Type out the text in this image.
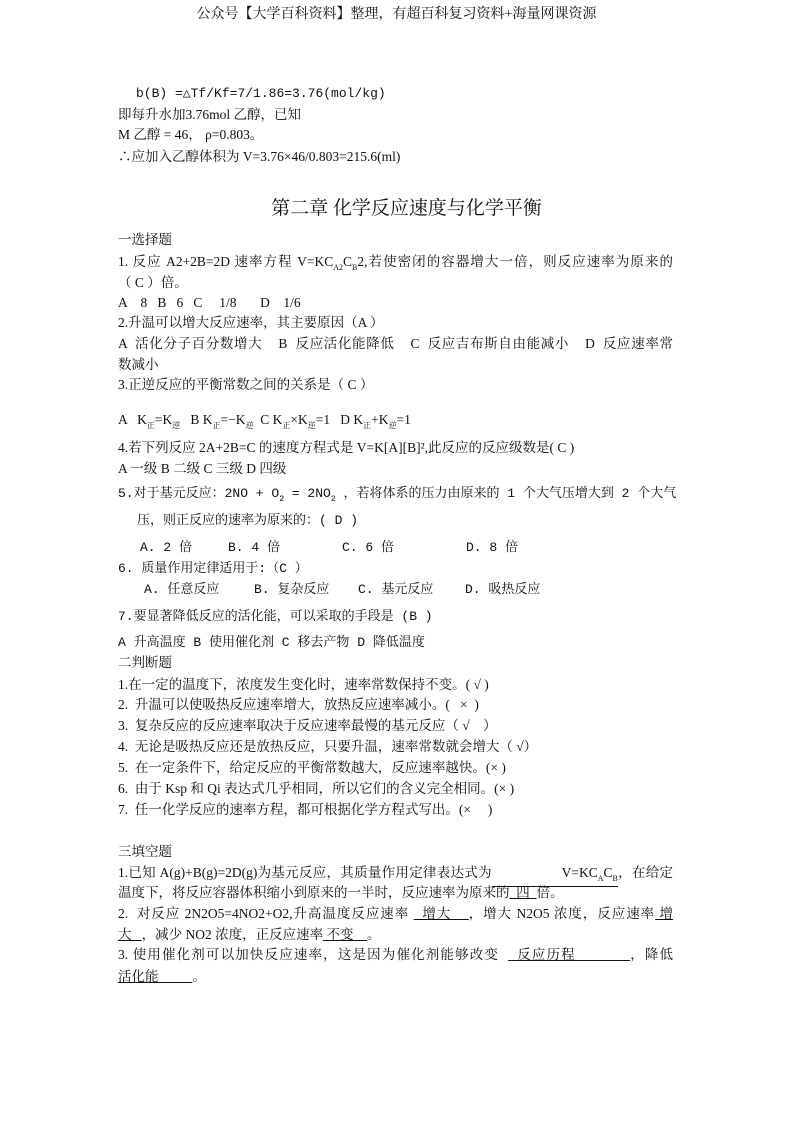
公众号【大学百科资料】整理，有超百科复习资料+海量网课资源
b(B) =△Tf/Kf=7/1.86=3.76(mol/kg)
即每升水加3.76mol 乙醇，已知
M 乙醇 = 46， ρ=0.803。
∴应加入乙醇体积为 V=3.76×46/0.803=215.6(ml)
第二章 化学反应速度与化学平衡
一选择题
1. 反应 A2+2B=2D 速率方程 $V=KC_{A2}C_B2$,若使密闭的容器增大一倍，则反应速率为原来的
（ C ）倍。
A    8   B   6   C     1/8       D    1/6
2.升温可以增大反应速率，其主要原因（A ）
A  活化分子百分数增大    B  反应活化能降低    C  反应吉布斯自由能减小    D  反应速率常
数减小
3.正逆反应的平衡常数之间的关系是（ C ）
A   $K_正=K_逆$   B $K_正=-K_逆$  C $K_正\times K_逆=1$   D $K_正+K_逆=1$
4.若下列反应 2A+2B=C 的速度方程式是 V=K[A][B]²,此反应的反应级数是( C )
A 一级 B 二级 C 三级 D 四级
5.对于基元反应：$2NO + O_2 = 2NO_2$ ，若将体系的压力由原来的 1 个大气压增大到 2 个大气
压，则正反应的速率为原来的：( D )
A. 2 倍	B. 4 倍	C. 6 倍	D. 8 倍
6. 质量作用定律适用于:（C ）
A. 任意反应	B. 复杂反应 C. 基元反应 D. 吸热反应
7.要显著降低反应的活化能，可以采取的手段是 (B )
A 升高温度 B 使用催化剂 C 移去产物 D 降低温度
二判断题
1.在一定的温度下，浓度发生变化时，速率常数保持不变。( √ )
2.  升温可以使吸热反应速率增大，放热反应速率减小。(   ×  )
3.  复杂反应的反应速率取决于反应速率最慢的基元反应（ √    ）
4.  无论是吸热反应还是放热反应，只要升温，速率常数就会增大（ √）
5.  在一定条件下，给定反应的平衡常数越大，反应速率越快。(× )
6.  由于 Ksp 和 Qi 表达式几乎相同，所以它们的含义完全相同。(× )
7.  任一化学反应的速率方程，都可根据化学方程式写出。(×     )
三填空题
1.已知 A(g)+B(g)=2D(g)为基元反应，其质量作用定律表达式为 $V=KC_AC_B$，在给定
温度下，将反应容器体积缩小到原来的一半时，反应速率为原来的  四  倍。
2.  对反应 2N2O5=4NO2+O2,升高温度反应速率   增大    ，增大 N2O5 浓度，反应速率 增
大   ，减少 NO2 浓度，正反应速率 不变    。
3. 使用催化剂可以加快反应速率，这是因为催化剂能够改变    反应历程            ，降低
活化能          。
